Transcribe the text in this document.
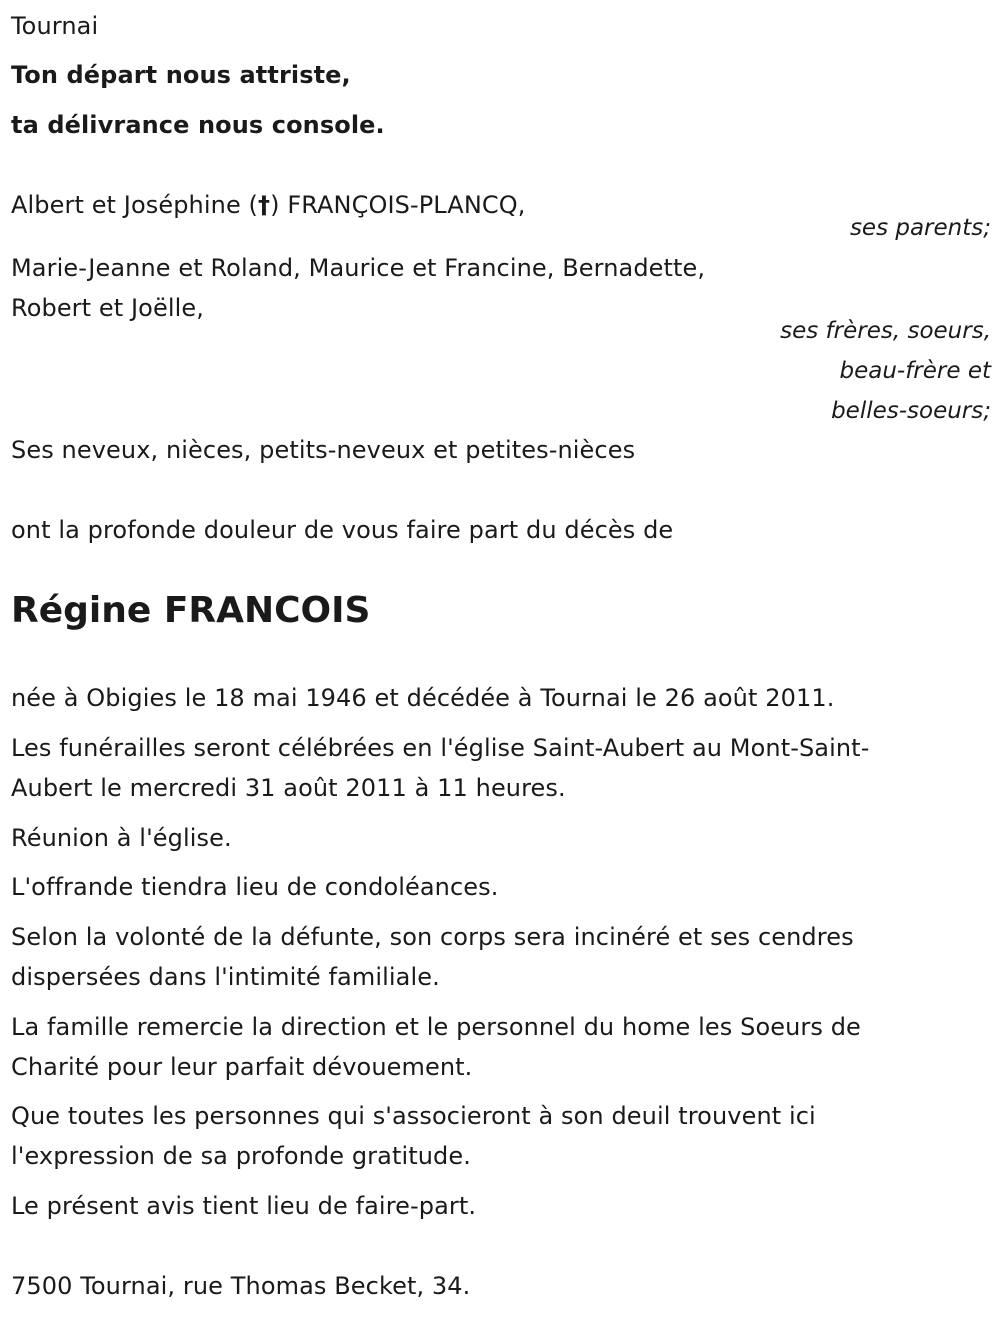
Tournai
Ton départ nous attriste,
ta délivrance nous console.
Albert et Joséphine (†) FRANÇOIS-PLANCQ,
ses parents;
Marie-Jeanne et Roland, Maurice et Francine, Bernadette,
Robert et Joëlle,
ses frères, soeurs,
beau-frère et
belles-soeurs;
Ses neveux, nièces, petits-neveux et petites-nièces
ont la profonde douleur de vous faire part du décès de
Régine FRANCOIS
née à Obigies le 18 mai 1946 et décédée à Tournai le 26 août 2011.
Les funérailles seront célébrées en l'église Saint-Aubert au Mont-Saint-
Aubert le mercredi 31 août 2011 à 11 heures.
Réunion à l'église.
L'offrande tiendra lieu de condoléances.
Selon la volonté de la défunte, son corps sera incinéré et ses cendres
dispersées dans l'intimité familiale.
La famille remercie la direction et le personnel du home les Soeurs de
Charité pour leur parfait dévouement.
Que toutes les personnes qui s'associeront à son deuil trouvent ici
l'expression de sa profonde gratitude.
Le présent avis tient lieu de faire-part.
7500 Tournai, rue Thomas Becket, 34.
